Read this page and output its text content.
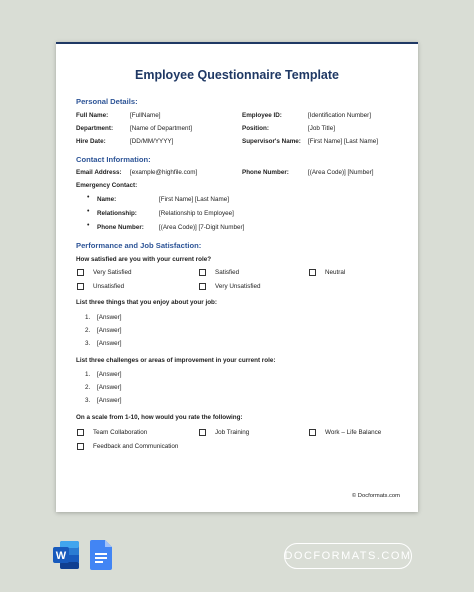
Employee Questionnaire Template
Personal Details:
Full Name:	[FullName]	Employee ID:	[Identification Number]
Department:	[Name of Department]	Position:	[Job Title]
Hire Date:	[DD/MM/YYYY]	Supervisor's Name: [First Name] [Last Name]
Contact Information:
Email Address: [example@highfile.com]	Phone Number:	[(Area Code)] [Number]
Emergency Contact:
• Name:	[First Name] [Last Name]
• Relationship:	[Relationship to Employee]
• Phone Number: [(Area Code)] [7-Digit Number]
Performance and Job Satisfaction:
How satisfied are you with your current role?
Very Satisfied	Satisfied	Neutral
Unsatisfied	Very Unsatisfied
List three things that you enjoy about your job:
1. [Answer]
2. [Answer]
3. [Answer]
List three challenges or areas of improvement in your current role:
1. [Answer]
2. [Answer]
3. [Answer]
On a scale from 1-10, how would you rate the following:
Team Collaboration	Job Training	Work – Life Balance
Feedback and Communication
© Docformats.com
W	DOCFORMATS.COM
